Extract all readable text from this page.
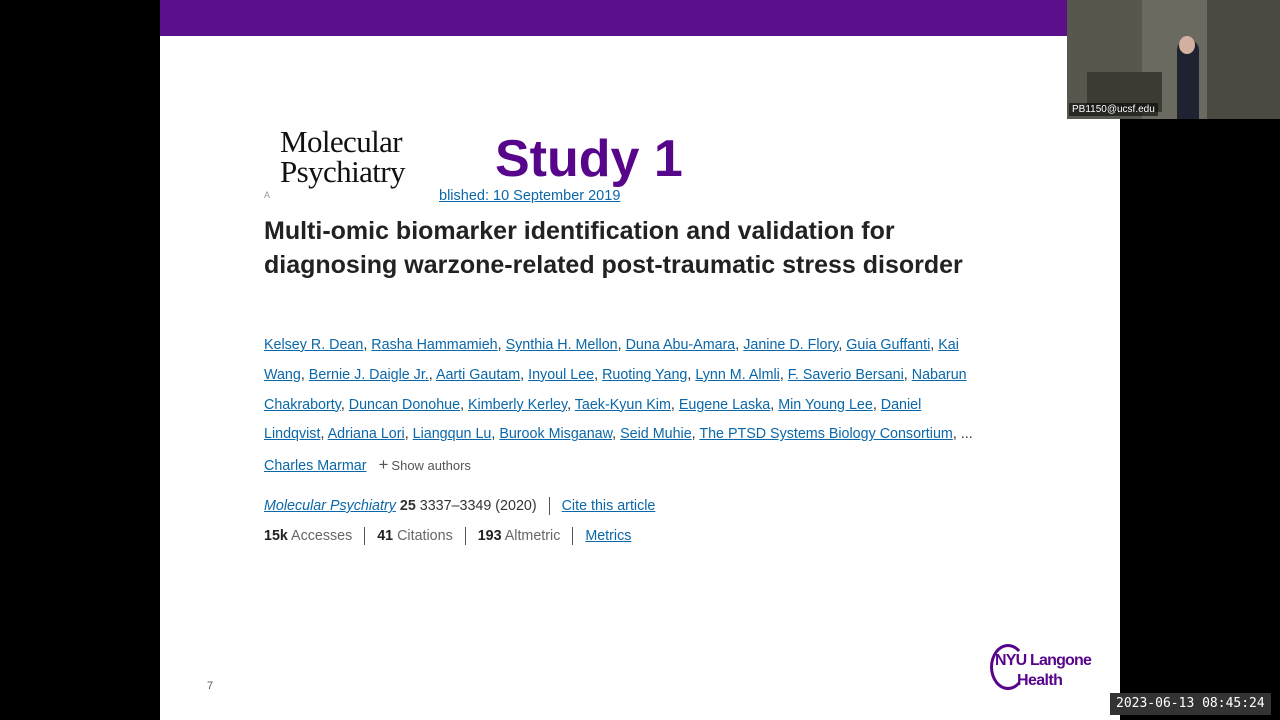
Molecular
Psychiatry Study 1
A	blished: 10 September 2019
Multi-omic biomarker identification and validation for diagnosing warzone-related post-traumatic stress disorder
Kelsey R. Dean, Rasha Hammamieh, Synthia H. Mellon, Duna Abu-Amara, Janine D. Flory, Guia Guffanti, Kai Wang, Bernie J. Daigle Jr., Aarti Gautam, Inyoul Lee, Ruoting Yang, Lynn M. Almli, F. Saverio Bersani, Nabarun Chakraborty, Duncan Donohue, Kimberly Kerley, Taek-Kyun Kim, Eugene Laska, Min Young Lee, Daniel Lindqvist, Adriana Lori, Liangqun Lu, Burook Misganaw, Seid Muhie, The PTSD Systems Biology Consortium, ... Charles Marmar + Show authors
Molecular Psychiatry 25 3337–3349 (2020) Cite this article
15k Accesses 41 Citations 193 Altmetric Metrics
7
NYU Langone
Health
PB1150@ucsf.edu
2023-06-13 08:45:24
